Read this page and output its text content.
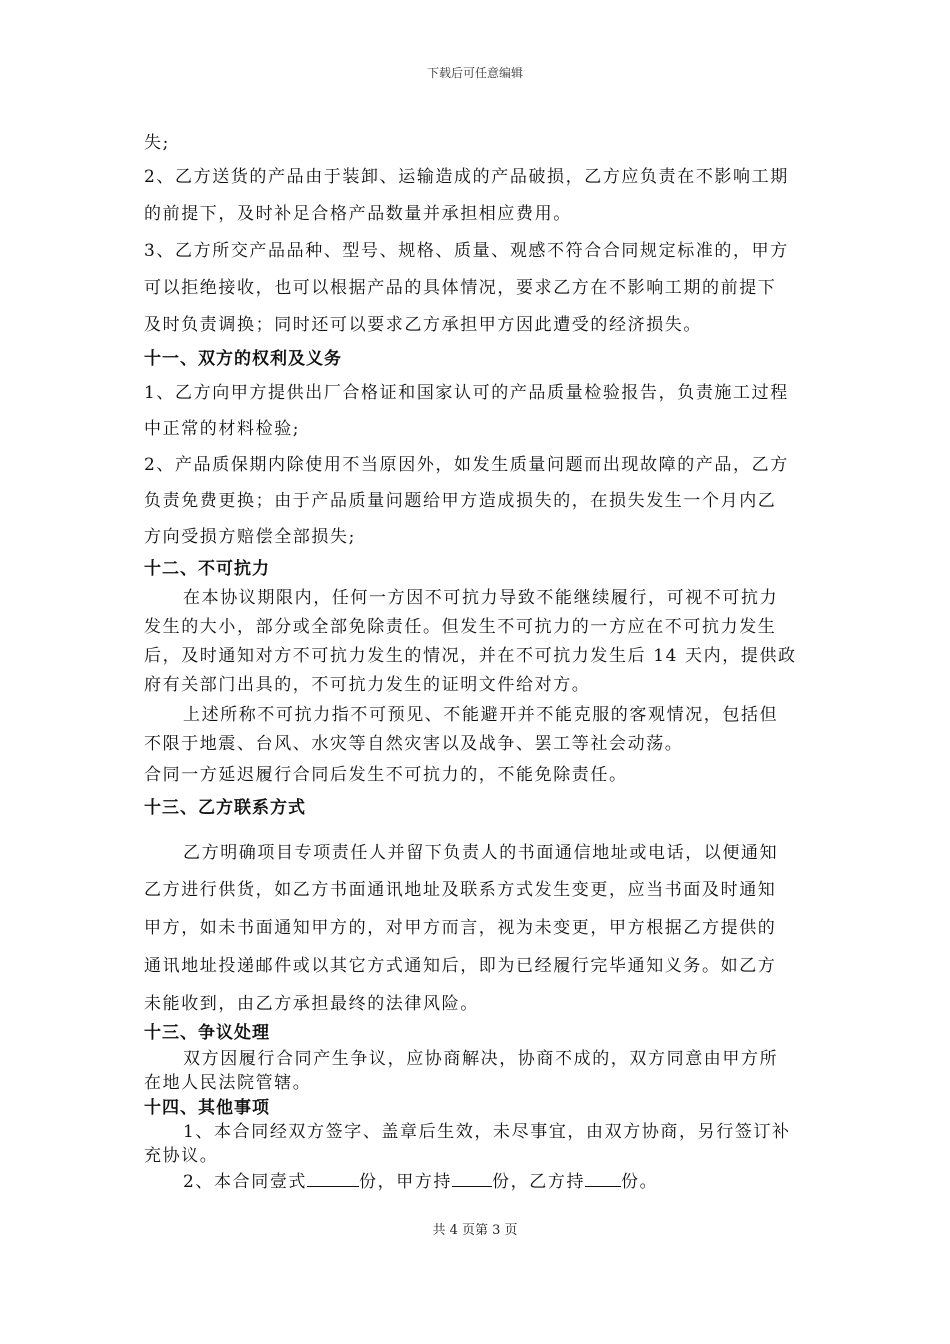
下载后可任意编辑
失;
2、乙方送货的产品由于装卸、运输造成的产品破损，乙方应负责在不影响工期
的前提下，及时补足合格产品数量并承担相应费用。
3、乙方所交产品品种、型号、规格、质量、观感不符合合同规定标准的，甲方
可以拒绝接收，也可以根据产品的具体情况，要求乙方在不影响工期的前提下
及时负责调换；同时还可以要求乙方承担甲方因此遭受的经济损失。
十一、双方的权利及义务
1、乙方向甲方提供出厂合格证和国家认可的产品质量检验报告，负责施工过程
中正常的材料检验;
2、产品质保期内除使用不当原因外，如发生质量问题而出现故障的产品，乙方
负责免费更换；由于产品质量问题给甲方造成损失的，在损失发生一个月内乙
方向受损方赔偿全部损失;
十二、不可抗力
在本协议期限内，任何一方因不可抗力导致不能继续履行，可视不可抗力
发生的大小，部分或全部免除责任。但发生不可抗力的一方应在不可抗力发生
后，及时通知对方不可抗力发生的情况，并在不可抗力发生后 14 天内，提供政
府有关部门出具的，不可抗力发生的证明文件给对方。
上述所称不可抗力指不可预见、不能避开并不能克服的客观情况，包括但
不限于地震、台风、水灾等自然灾害以及战争、罢工等社会动荡。
合同一方延迟履行合同后发生不可抗力的，不能免除责任。
十三、乙方联系方式
乙方明确项目专项责任人并留下负责人的书面通信地址或电话，以便通知
乙方进行供货，如乙方书面通讯地址及联系方式发生变更，应当书面及时通知
甲方，如未书面通知甲方的，对甲方而言，视为未变更，甲方根据乙方提供的
通讯地址投递邮件或以其它方式通知后，即为已经履行完毕通知义务。如乙方
未能收到，由乙方承担最终的法律风险。
十三、争议处理
双方因履行合同产生争议，应协商解决，协商不成的，双方同意由甲方所
在地人民法院管辖。
十四、其他事项
1、本合同经双方签字、盖章后生效，未尽事宜，由双方协商，另行签订补
充协议。
2、本合同壹式	份，甲方持 份，乙方持 份。
共 4 页第 3 页
